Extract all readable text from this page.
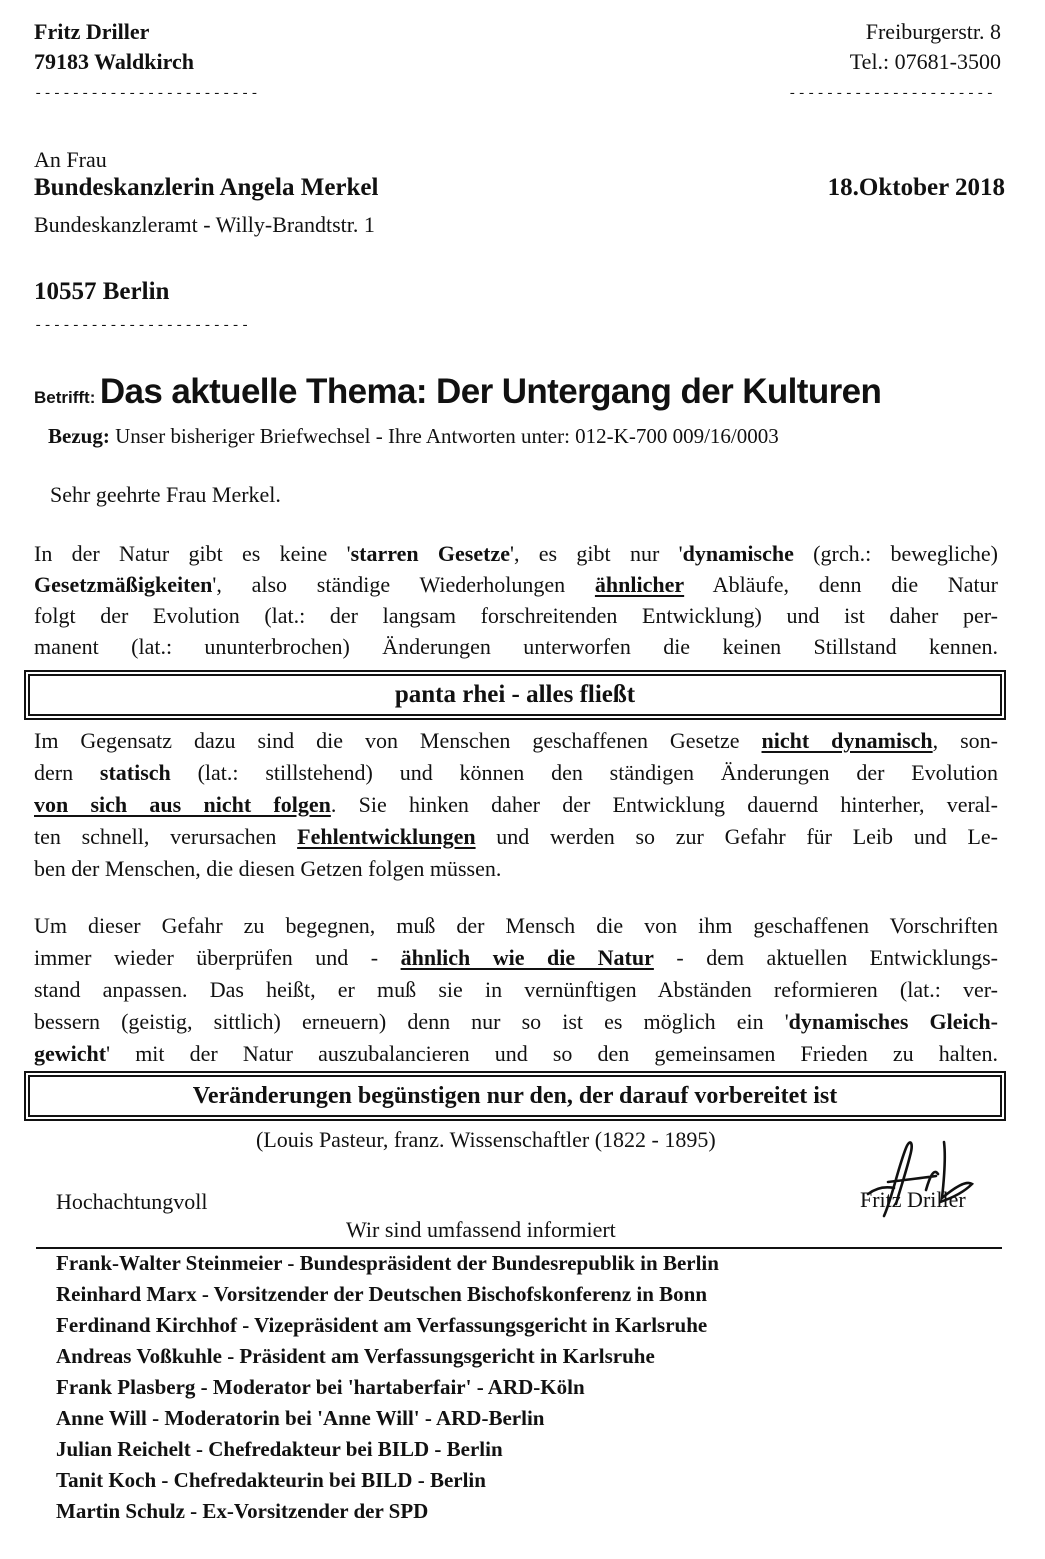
Fritz Driller
79183 Waldkirch
------------------------
Freiburgerstr. 8
Tel.: 07681-3500
----------------------
An Frau
Bundeskanzlerin Angela Merkel	18.Oktober 2018
Bundeskanzleramt - Willy-Brandtstr. 1
10557 Berlin
-----------------------
Betrifft: Das aktuelle Thema: Der Untergang der Kulturen
Bezug: Unser bisheriger Briefwechsel - Ihre Antworten unter: 012-K-700 009/16/0003
Sehr geehrte Frau Merkel.
In der Natur gibt es keine 'starren Gesetze', es gibt nur 'dynamische (grch.: bewegliche)
Gesetzmäßigkeiten', also ständige Wiederholungen ähnlicher Abläufe, denn die Natur
folgt der Evolution (lat.: der langsam forschreitenden Entwicklung) und ist daher per-
manent (lat.: ununterbrochen) Änderungen unterworfen die keinen Stillstand kennen.
panta rhei - alles fließt
Im Gegensatz dazu sind die von Menschen geschaffenen Gesetze nicht dynamisch, son-
dern statisch (lat.: stillstehend) und können den ständigen Änderungen der Evolution
von sich aus nicht folgen. Sie hinken daher der Entwicklung dauernd hinterher, veral-
ten schnell, verursachen Fehlentwicklungen und werden so zur Gefahr für Leib und Le-
ben der Menschen, die diesen Getzen folgen müssen.
Um dieser Gefahr zu begegnen, muß der Mensch die von ihm geschaffenen Vorschriften
immer wieder überprüfen und - ähnlich wie die Natur - dem aktuellen Entwicklungs-
stand anpassen. Das heißt, er muß sie in vernünftigen Abständen reformieren (lat.: ver-
bessern (geistig, sittlich) erneuern) denn nur so ist es möglich ein 'dynamisches Gleich-
gewicht' mit der Natur auszubalancieren und so den gemeinsamen Frieden zu halten.
Veränderungen begünstigen nur den, der darauf vorbereitet ist
(Louis Pasteur, franz. Wissenschaftler (1822 - 1895)
Hochachtungvoll	Fritz Driller
Wir sind umfassend informiert
Frank-Walter Steinmeier - Bundespräsident der Bundesrepublik in Berlin
Reinhard Marx - Vorsitzender der Deutschen Bischofskonferenz in Bonn
Ferdinand Kirchhof - Vizepräsident am Verfassungsgericht in Karlsruhe
Andreas Voßkuhle - Präsident am Verfassungsgericht in Karlsruhe
Frank Plasberg - Moderator bei 'hartaberfair' - ARD-Köln
Anne Will - Moderatorin bei 'Anne Will' - ARD-Berlin
Julian Reichelt - Chefredakteur bei BILD - Berlin
Tanit Koch - Chefredakteurin bei BILD - Berlin
Martin Schulz - Ex-Vorsitzender der SPD
